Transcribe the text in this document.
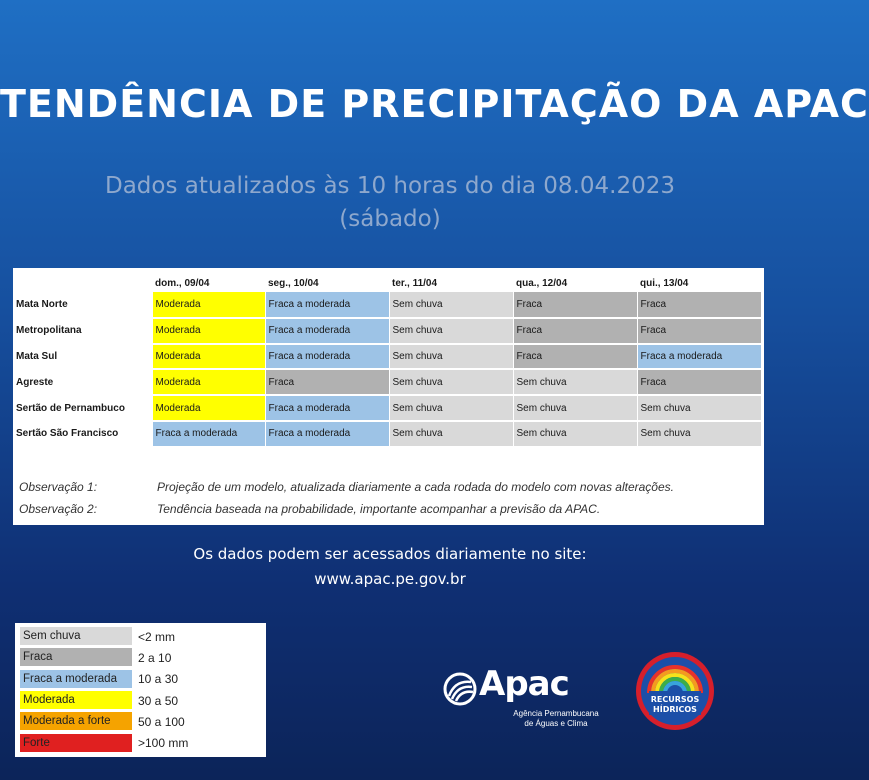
TENDÊNCIA DE PRECIPITAÇÃO DA APAC
Dados atualizados às 10 horas do dia 08.04.2023
(sábado)
	dom., 09/04	seg., 10/04	ter., 11/04	qua., 12/04	qui., 13/04
Mata Norte	Moderada	Fraca a moderada	Sem chuva	Fraca	Fraca
Metropolitana	Moderada	Fraca a moderada	Sem chuva	Fraca	Fraca
Mata Sul	Moderada	Fraca a moderada	Sem chuva	Fraca	Fraca a moderada
Agreste	Moderada	Fraca	Sem chuva	Sem chuva	Fraca
Sertão de Pernambuco	Moderada	Fraca a moderada	Sem chuva	Sem chuva	Sem chuva
Sertão São Francisco	Fraca a moderada	Fraca a moderada	Sem chuva	Sem chuva	Sem chuva
Observação 1:	Projeção de um modelo, atualizada diariamente a cada rodada do modelo com novas alterações.
Observação 2:	Tendência baseada na probabilidade, importante acompanhar a previsão da APAC.
Os dados podem ser acessados diariamente no site:
www.apac.pe.gov.br
Sem chuva	<2 mm
Fraca	2 a 10
Fraca a moderada	10 a 30
Moderada	30 a 50
Moderada a forte	50 a 100
Forte	>100 mm
Apac
Agência Pernambucana
de Águas e Clima
RECURSOS
HÍDRICOS
